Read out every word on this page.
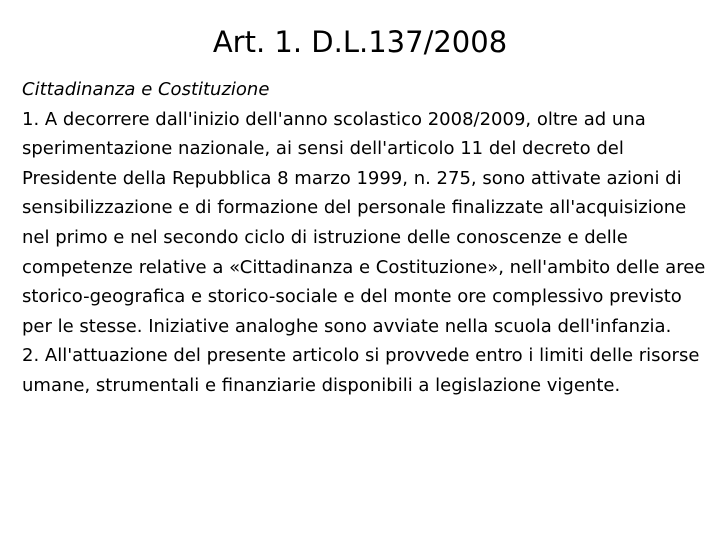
Art. 1. D.L.137/2008

Cittadinanza e Costituzione

1. A decorrere dall'inizio dell'anno scolastico 2008/2009, oltre ad una sperimentazione nazionale, ai sensi dell'articolo 11 del decreto del Presidente della Repubblica 8 marzo 1999, n. 275, sono attivate azioni di sensibilizzazione e di formazione del personale finalizzate all'acquisizione nel primo e nel secondo ciclo di istruzione delle conoscenze e delle competenze relative a «Cittadinanza e Costituzione», nell'ambito delle aree storico-geografica e storico-sociale e del monte ore complessivo previsto per le stesse. Iniziative analoghe sono avviate nella scuola dell'infanzia.

2. All'attuazione del presente articolo si provvede entro i limiti delle risorse umane, strumentali e finanziarie disponibili a legislazione vigente.
